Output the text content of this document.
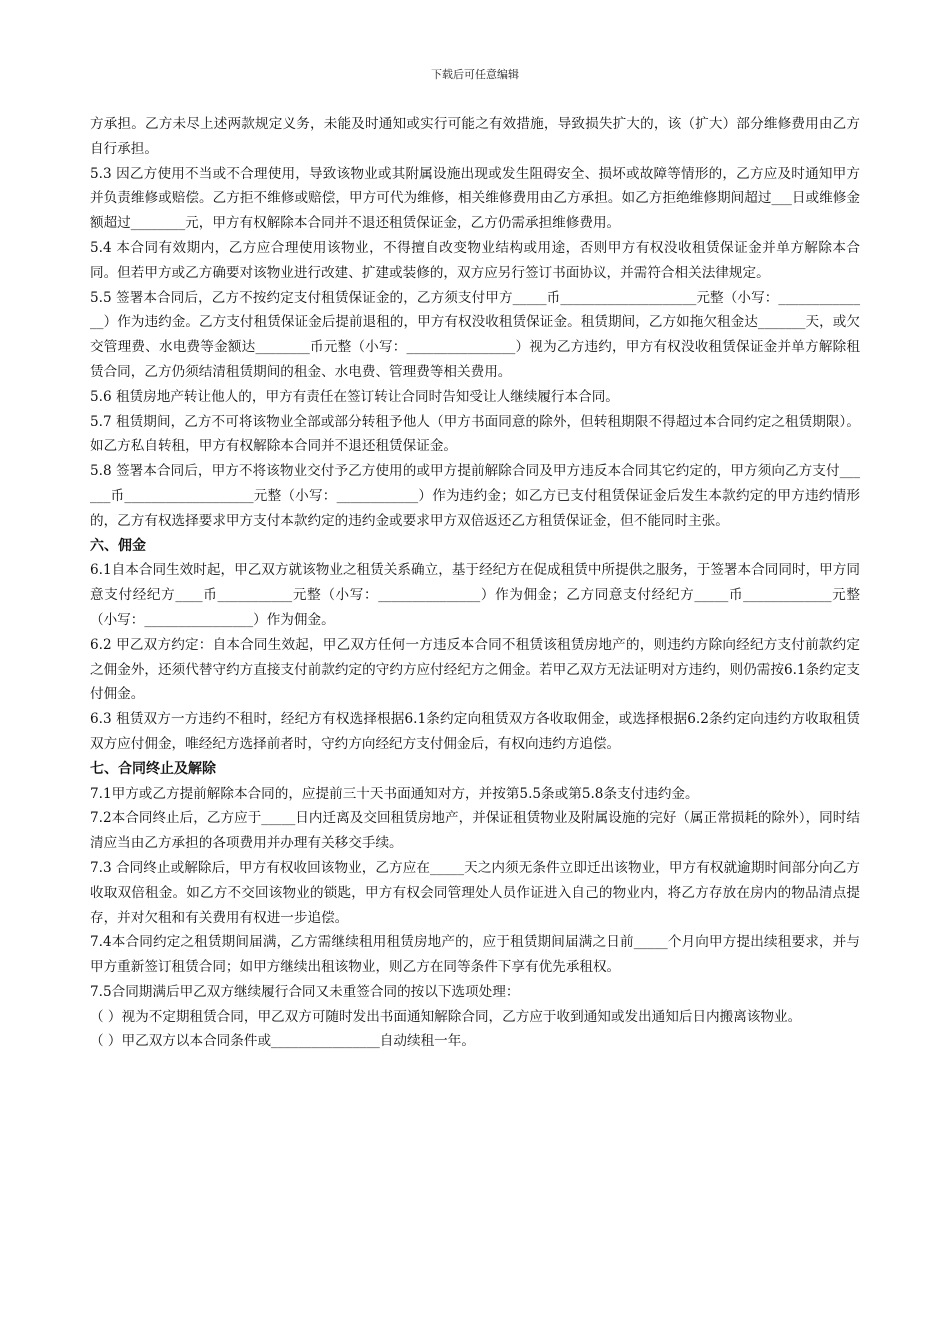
下载后可任意编辑

方承担。乙方未尽上述两款规定义务，未能及时通知或实行可能之有效措施，导致损失扩大的，该（扩大）部分维修费用由乙方自行承担。

5.3 因乙方使用不当或不合理使用，导致该物业或其附属设施出现或发生阻碍安全、损坏或故障等情形的，乙方应及时通知甲方并负责维修或赔偿。乙方拒不维修或赔偿，甲方可代为维修，相关维修费用由乙方承担。如乙方拒绝维修期间超过___日或维修金额超过________元，甲方有权解除本合同并不退还租赁保证金，乙方仍需承担维修费用。

5.4 本合同有效期内，乙方应合理使用该物业，不得擅自改变物业结构或用途，否则甲方有权没收租赁保证金并单方解除本合同。但若甲方或乙方确要对该物业进行改建、扩建或装修的，双方应另行签订书面协议，并需符合相关法律规定。

5.5 签署本合同后，乙方不按约定支付租赁保证金的，乙方须支付甲方_____币____________________元整（小写：______________）作为违约金。乙方支付租赁保证金后提前退租的，甲方有权没收租赁保证金。租赁期间，乙方如拖欠租金达_______天，或欠交管理费、水电费等金额达________币元整（小写：________________）视为乙方违约，甲方有权没收租赁保证金并单方解除租赁合同，乙方仍须结清租赁期间的租金、水电费、管理费等相关费用。

5.6 租赁房地产转让他人的，甲方有责任在签订转让合同时告知受让人继续履行本合同。

5.7 租赁期间，乙方不可将该物业全部或部分转租予他人（甲方书面同意的除外，但转租期限不得超过本合同约定之租赁期限）。如乙方私自转租，甲方有权解除本合同并不退还租赁保证金。

5.8 签署本合同后，甲方不将该物业交付予乙方使用的或甲方提前解除合同及甲方违反本合同其它约定的，甲方须向乙方支付______币___________________元整（小写：____________）作为违约金；如乙方已支付租赁保证金后发生本款约定的甲方违约情形的，乙方有权选择要求甲方支付本款约定的违约金或要求甲方双倍返还乙方租赁保证金，但不能同时主张。

六、佣金

6.1自本合同生效时起，甲乙双方就该物业之租赁关系确立，基于经纪方在促成租赁中所提供之服务，于签署本合同同时，甲方同意支付经纪方____币___________元整（小写：_______________）作为佣金；乙方同意支付经纪方_____币_____________元整（小写：________________）作为佣金。

6.2 甲乙双方约定：自本合同生效起，甲乙双方任何一方违反本合同不租赁该租赁房地产的，则违约方除向经纪方支付前款约定之佣金外，还须代替守约方直接支付前款约定的守约方应付经纪方之佣金。若甲乙双方无法证明对方违约，则仍需按6.1条约定支付佣金。

6.3 租赁双方一方违约不租时，经纪方有权选择根据6.1条约定向租赁双方各收取佣金，或选择根据6.2条约定向违约方收取租赁双方应付佣金，唯经纪方选择前者时，守约方向经纪方支付佣金后，有权向违约方追偿。

七、合同终止及解除

7.1甲方或乙方提前解除本合同的，应提前三十天书面通知对方，并按第5.5条或第5.8条支付违约金。

7.2本合同终止后，乙方应于_____日内迁离及交回租赁房地产，并保证租赁物业及附属设施的完好（属正常损耗的除外），同时结清应当由乙方承担的各项费用并办理有关移交手续。

7.3 合同终止或解除后，甲方有权收回该物业，乙方应在_____天之内须无条件立即迁出该物业，甲方有权就逾期时间部分向乙方收取双倍租金。如乙方不交回该物业的锁匙，甲方有权会同管理处人员作证进入自己的物业内，将乙方存放在房内的物品清点提存，并对欠租和有关费用有权进一步追偿。

7.4本合同约定之租赁期间届满，乙方需继续租用租赁房地产的，应于租赁期间届满之日前_____个月向甲方提出续租要求，并与甲方重新签订租赁合同；如甲方继续出租该物业，则乙方在同等条件下享有优先承租权。

7.5合同期满后甲乙双方继续履行合同又未重签合同的按以下选项处理：

（ ）视为不定期租赁合同，甲乙双方可随时发出书面通知解除合同，乙方应于收到通知或发出通知后日内搬离该物业。

（ ）甲乙双方以本合同条件或________________自动续租一年。
